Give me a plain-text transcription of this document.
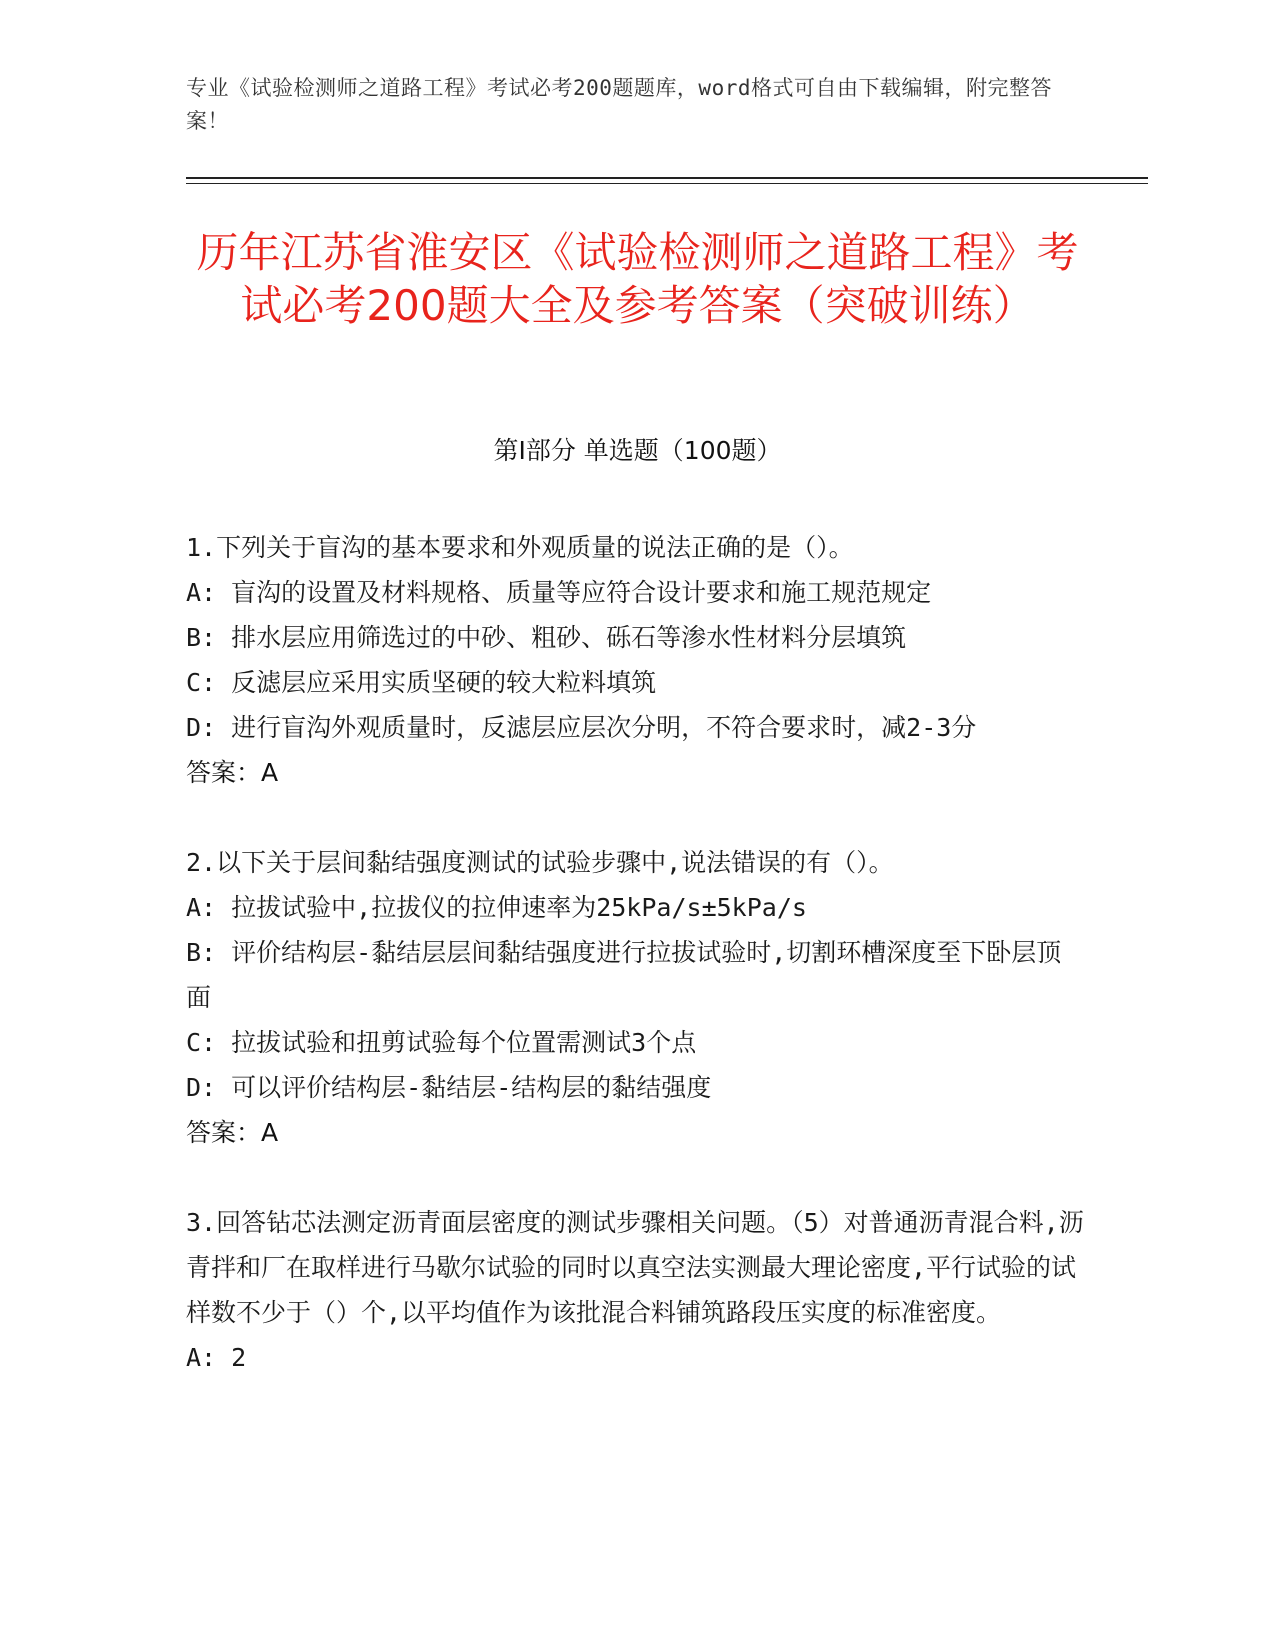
专业《试验检测师之道路工程》考试必考200题题库，word格式可自由下载编辑，附完整答案！
历年江苏省淮安区《试验检测师之道路工程》考试必考200题大全及参考答案（突破训练）
第I部分 单选题（100题）

1.下列关于盲沟的基本要求和外观质量的说法正确的是（）。

A: 盲沟的设置及材料规格、质量等应符合设计要求和施工规范规定

B: 排水层应用筛选过的中砂、粗砂、砾石等渗水性材料分层填筑

C: 反滤层应采用实质坚硬的较大粒料填筑

D: 进行盲沟外观质量时，反滤层应层次分明，不符合要求时，减2-3分

答案：A

2.以下关于层间黏结强度测试的试验步骤中,说法错误的有（）。

A: 拉拔试验中,拉拔仪的拉伸速率为25kPa/s±5kPa/s

B: 评价结构层-黏结层层间黏结强度进行拉拔试验时,切割环槽深度至下卧层顶面

C: 拉拔试验和扭剪试验每个位置需测试3个点

D: 可以评价结构层-黏结层-结构层的黏结强度

答案：A

3.回答钻芯法测定沥青面层密度的测试步骤相关问题。（5）对普通沥青混合料,沥青拌和厂在取样进行马歇尔试验的同时以真空法实测最大理论密度,平行试验的试样数不少于（）个,以平均值作为该批混合料铺筑路段压实度的标准密度。

A: 2
